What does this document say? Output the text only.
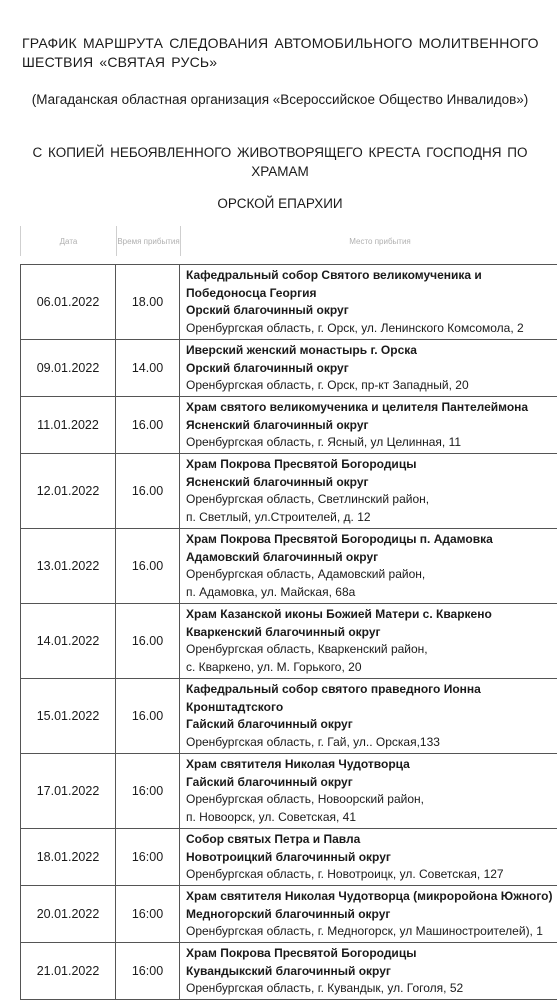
ГРАФИК МАРШРУТА СЛЕДОВАНИЯ АВТОМОБИЛЬНОГО МОЛИТВЕННОГО ШЕСТВИЯ «СВЯТАЯ РУСЬ»
(Магаданская областная организация «Всероссийское Общество Инвалидов»)
С КОПИЕЙ НЕБОЯВЛЕННОГО ЖИВОТВОРЯЩЕГО КРЕСТА ГОСПОДНЯ ПО ХРАМАМ
ОРСКОЙ ЕПАРХИИ
Дата	Время прибытия	Место прибытия
06.01.2022	18.00
Кафедральный собор Святого великомученика и
Победоносца Георгия
Орский благочинный округ
Оренбургская область, г. Орск, ул. Ленинского Комсомола, 2
09.01.2022	14.00
Иверский женский монастырь г. Орска
Орский благочинный округ
Оренбургская область, г. Орск, пр-кт Западный, 20
11.01.2022	16.00
Храм святого великомученика и целителя Пантелеймона
Ясненский благочинный округ
Оренбургская область, г. Ясный, ул Целинная, 11
12.01.2022	16.00
Храм Покрова Пресвятой Богородицы
Ясненский благочинный округ
Оренбургская область, Светлинский район,
п. Светлый, ул.Строителей, д. 12
13.01.2022	16.00
Храм Покрова Пресвятой Богородицы п. Адамовка
Адамовский благочинный округ
Оренбургская область, Адамовский район,
п. Адамовка, ул. Майская, 68а
14.01.2022	16.00
Храм Казанской иконы Божией Матери с. Кваркено
Кваркенский благочинный округ
Оренбургская область, Кваркенский район,
с. Кваркено, ул. М. Горького, 20
15.01.2022	16.00
Кафедральный собор святого праведного Ионна
Кронштадтского
Гайский благочинный округ
Оренбургская область, г. Гай, ул.. Орская,133
17.01.2022	16:00
Храм святителя Николая Чудотворца
Гайский благочинный округ
Оренбургская область, Новоорский район,
п. Новоорск, ул. Советская, 41
18.01.2022	16:00
Собор святых Петра и Павла
Новотроицкий благочинный округ
Оренбургская область, г. Новотроицк, ул. Советская, 127
20.01.2022	16:00
Храм святителя Николая Чудотворца (микроройона Южного)
Медногорский благочинный округ
Оренбургская область, г. Медногорск, ул Машиностроителей), 1
21.01.2022	16:00
Храм Покрова Пресвятой Богородицы
Кувандыкский благочинный округ
Оренбургская область, г. Кувандык, ул. Гоголя, 52
